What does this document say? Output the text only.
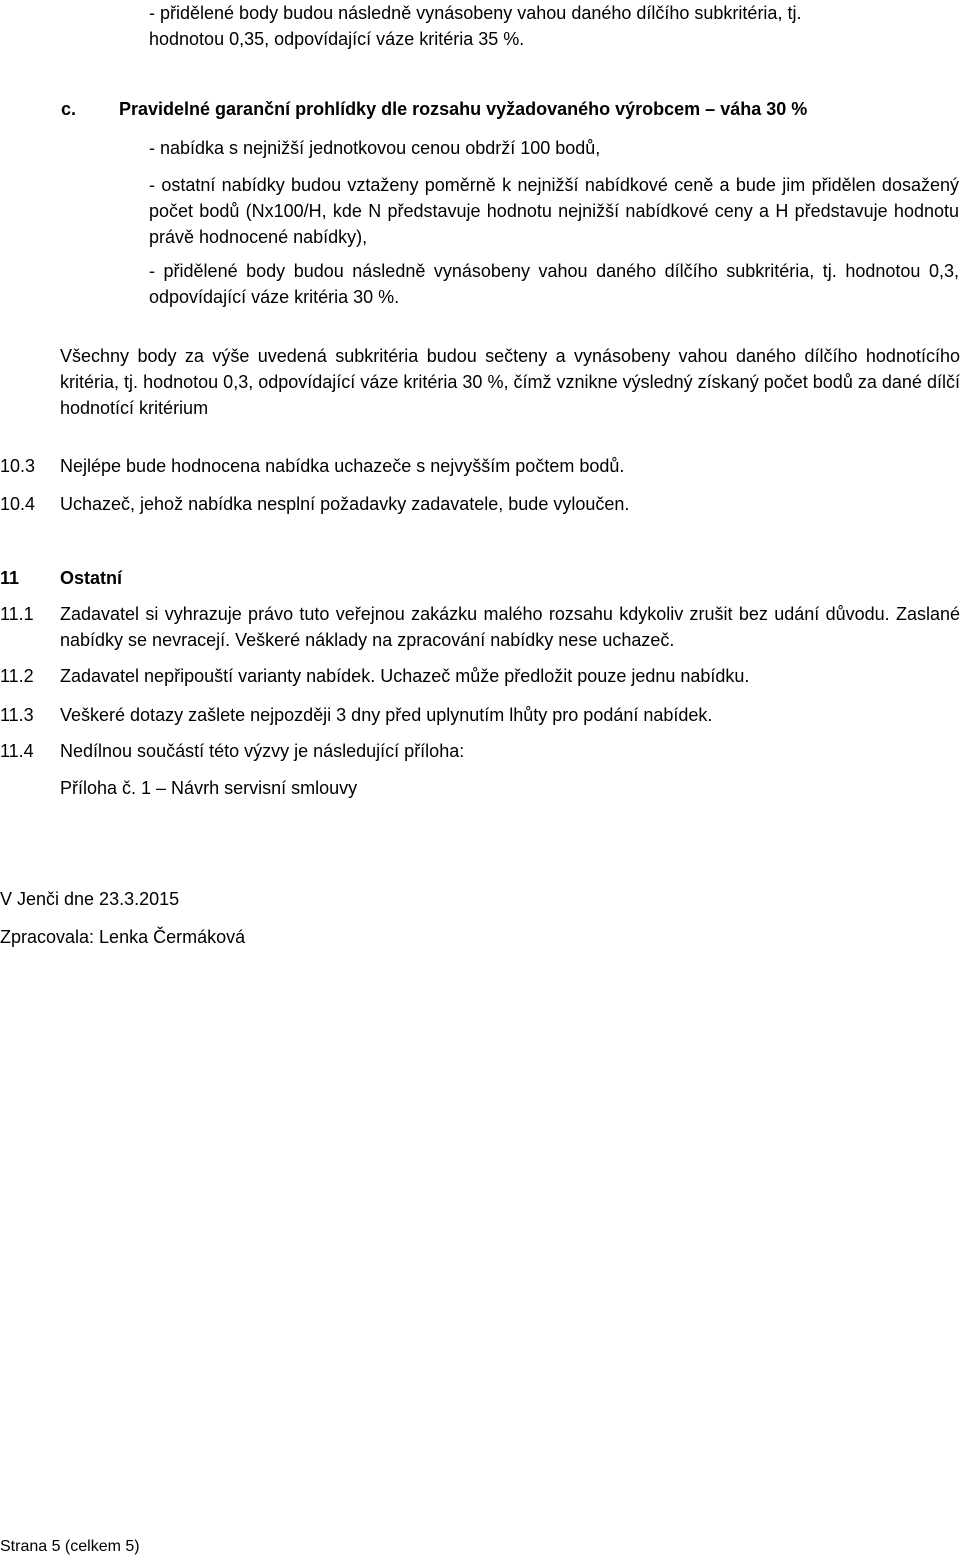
- přidělené body budou následně vynásobeny vahou daného dílčího subkritéria, tj.
hodnotou 0,35, odpovídající váze kritéria 35 %.
c. Pravidelné garanční prohlídky dle rozsahu vyžadovaného výrobcem – váha 30 %
- nabídka s nejnižší jednotkovou cenou obdrží 100 bodů,
- ostatní nabídky budou vztaženy poměrně k nejnižší nabídkové ceně a bude jim přidělen dosažený počet bodů (Nx100/H, kde N představuje hodnotu nejnižší nabídkové ceny a H představuje hodnotu právě hodnocené nabídky),
- přidělené body budou následně vynásobeny vahou daného dílčího subkritéria, tj. hodnotou 0,3, odpovídající váze kritéria 30 %.
Všechny body za výše uvedená subkritéria budou sečteny a vynásobeny vahou daného dílčího hodnotícího kritéria, tj. hodnotou 0,3, odpovídající váze kritéria 30 %, čímž vznikne výsledný získaný počet bodů za dané dílčí hodnotící kritérium
10.3	Nejlépe bude hodnocena nabídka uchazeče s nejvyšším počtem bodů.
10.4	Uchazeč, jehož nabídka nesplní požadavky zadavatele, bude vyloučen.
11	Ostatní
11.1	Zadavatel si vyhrazuje právo tuto veřejnou zakázku malého rozsahu kdykoliv zrušit bez udání důvodu. Zaslané nabídky se nevracejí. Veškeré náklady na zpracování nabídky nese uchazeč.
11.2	Zadavatel nepřipouští varianty nabídek. Uchazeč může předložit pouze jednu nabídku.
11.3	Veškeré dotazy zašlete nejpozději 3 dny před uplynutím lhůty pro podání nabídek.
11.4	Nedílnou součástí této výzvy je následující příloha:
Příloha č. 1 – Návrh servisní smlouvy
V Jenči dne 23.3.2015
Zpracovala: Lenka Čermáková
Strana 5 (celkem 5)
